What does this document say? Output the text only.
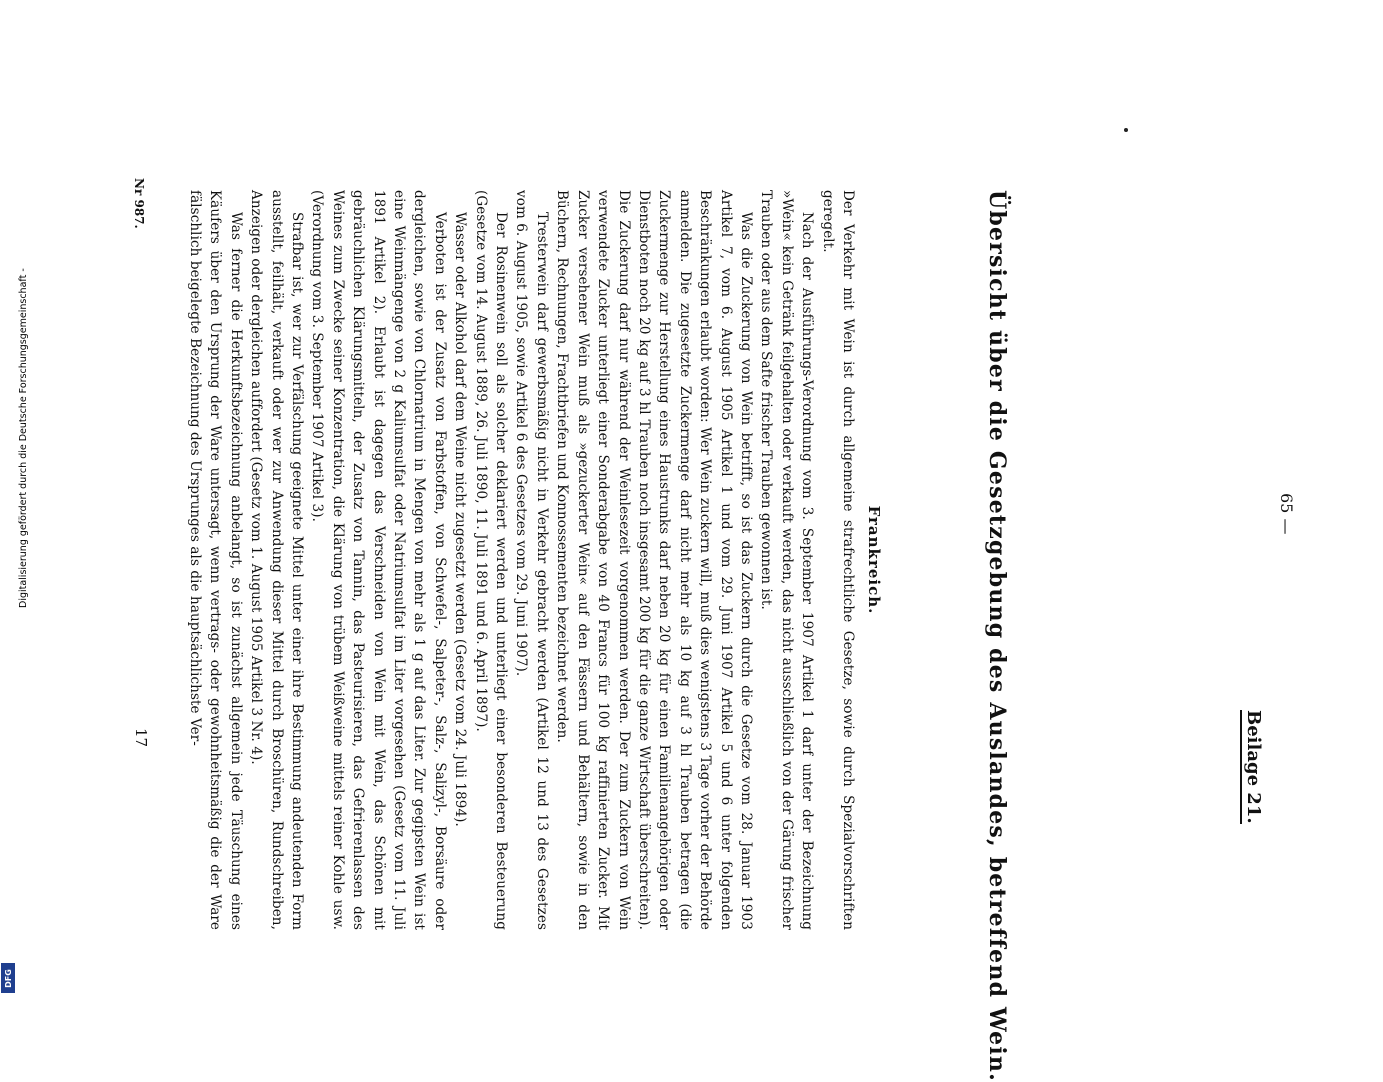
Übersicht über die Gesetzgebung des Auslandes, betreffend Wein.	65 —
Beilage 21.
Frankreich.

Der Verkehr mit Wein ist durch allgemeine strafrechtliche Gesetze, sowie durch Spezialvorschriften geregelt.

Nach der Ausführungs-Verordnung vom 3. September 1907 Artikel 1 darf unter der Bezeichnung »Wein« kein Getränk feilgehalten oder verkauft werden, das nicht ausschließlich von der Gärung frischer Trauben oder aus dem Safte frischer Trauben gewonnen ist.

Was die Zuckerung von Wein betrifft, so ist das Zuckern durch die Gesetze vom 28. Januar 1903 Artikel 7, vom 6. August 1905 Artikel 1 und vom 29. Juni 1907 Artikel 5 und 6 unter folgenden Beschränkungen erlaubt worden: Wer Wein zuckern will, muß dies wenigstens 3 Tage vorher der Behörde anmelden. Die zugesetzte Zuckermenge darf nicht mehr als 10 kg auf 3 hl Trauben betragen (die Zuckermenge zur Herstellung eines Haustrunks darf neben 20 kg für einen Familienangehörigen oder Dienstboten noch 20 kg auf 3 hl Trauben noch insgesamt 200 kg für die ganze Wirtschaft überschreiten). Die Zuckerung darf nur während der Weinlesezeit vorgenommen werden. Der zum Zuckern von Wein verwendete Zucker unterliegt einer Sonderabgabe von 40 Francs für 100 kg raffinierten Zucker. Mit Zucker versehener Wein muß als »gezuckerter Wein« auf den Fässern und Behältern, sowie in den Büchern, Rechnungen, Frachtbriefen und Konnossementen bezeichnet werden.

Tresterwein darf gewerbsmäßig nicht in Verkehr gebracht werden (Artikel 12 und 13 des Gesetzes vom 6. August 1905, sowie Artikel 6 des Gesetzes vom 29. Juni 1907).

Der Rosinenwein soll als solcher deklariert werden und unterliegt einer besonderen Besteuerung (Gesetze vom 14. August 1889, 26. Juli 1890, 11. Juli 1891 und 6. April 1897).

Wasser oder Alkohol darf dem Weine nicht zugesetzt werden (Gesetz vom 24. Juli 1894).

Verboten ist der Zusatz von Farbstoffen, von Schwefel-, Salpeter-, Salz-, Salizyl-, Borsäure oder dergleichen, sowie von Chlornatrium in Mengen von mehr als 1 g auf das Liter. Zur gegipsten Wein ist eine Weinmängenge von 2 g Kaliumsulfat oder Natriumsulfat im Liter vorgesehen (Gesetz vom 11. Juli 1891 Artikel 2). Erlaubt ist dagegen das Verschneiden von Wein mit Wein, das Schönen mit gebräuchlichen Klärungsmitteln, der Zusatz von Tannin, das Pasteurisieren, das Gefrierenlassen des Weines zum Zwecke seiner Konzentration, die Klärung von trübem Weißweine mittels reiner Kohle usw. (Verordnung vom 3. September 1907 Artikel 3).

Strafbar ist, wer zur Verfälschung geeignete Mittel unter einer ihre Bestimmung andeutenden Form ausstellt, feilhält, verkauft oder wer zur Anwendung dieser Mittel durch Broschüren, Rundschreiben, Anzeigen oder dergleichen auffordert (Gesetz vom 1. August 1905 Artikel 3 Nr. 4).

Was ferner die Herkunftsbezeichnung anbelangt, so ist zunächst allgemein jede Täuschung eines Käufers über den Ursprung der Ware untersagt, wenn vertrags- oder gewohnheitsmäßig die der Ware fälschlich beigelegte Bezeichnung des Ursprunges als die hauptsächlichste Ver-

Nr 987.
17
Digitalisierung gefördert durch die Deutsche Forschungsgemeinschaft -
DFG
